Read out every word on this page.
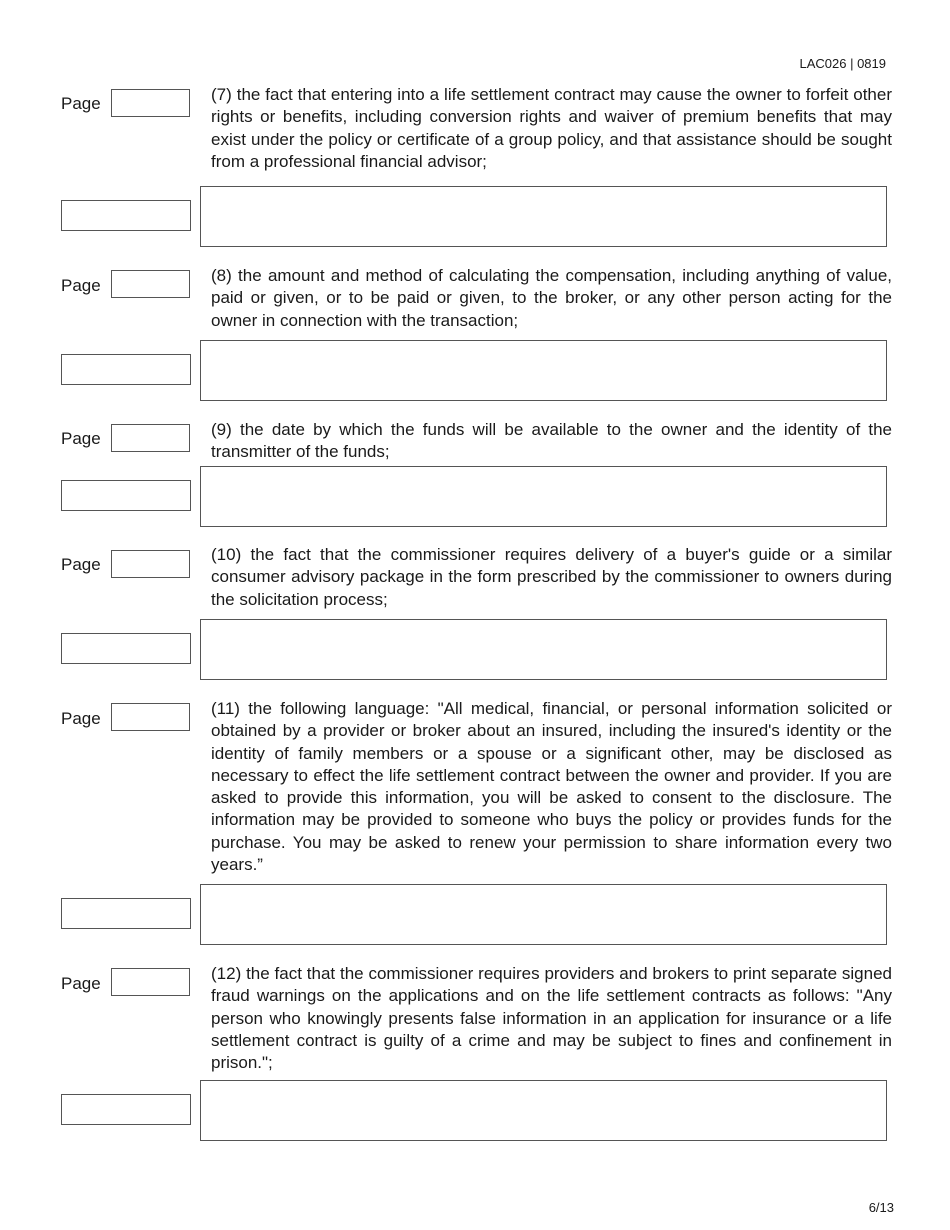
LAC026 | 0819
Page	(7) the fact that entering into a life settlement contract may cause the owner to forfeit other rights or benefits, including conversion rights and waiver of premium benefits that may exist under the policy or certificate of a group policy, and that assistance should be sought from a professional financial advisor;

Page

(8) the amount and method of calculating the compensation, including anything of value, paid or given, or to be paid or given, to the broker, or any other person acting for the owner in connection with the transaction;

Page	(9) the date by which the funds will be available to the owner and the identity of the transmitter of the funds;

Page

(10) the fact that the commissioner requires delivery of a buyer's guide or a similar consumer advisory package in the form prescribed by the commissioner to owners during the solicitation process;

Page

(11) the following language: "All medical, financial, or personal information solicited or obtained by a provider or broker about an insured, including the insured's identity or the identity of family members or a spouse or a significant other, may be disclosed as necessary to effect the life settlement contract between the owner and provider. If you are asked to provide this information, you will be asked to consent to the disclosure. The information may be provided to someone who buys the policy or provides funds for the purchase. You may be asked to renew your permission to share information every two years.”

Page

(12) the fact that the commissioner requires providers and brokers to print separate signed fraud warnings on the applications and on the life settlement contracts as follows: "Any person who knowingly presents false information in an application for insurance or a life settlement contract is guilty of a crime and may be subject to fines and confinement in prison.";

6/13
